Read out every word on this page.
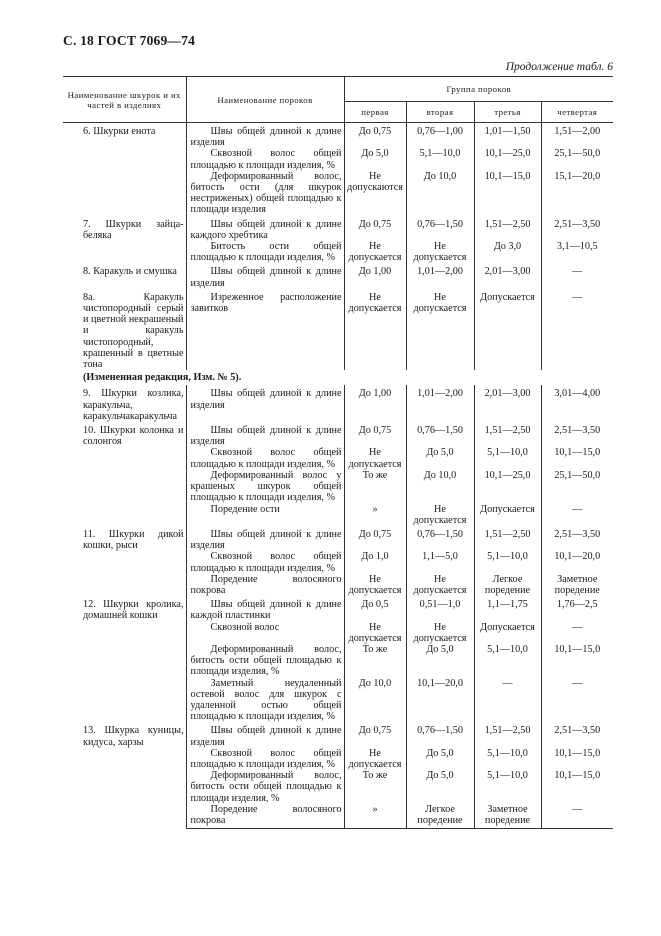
С. 18 ГОСТ 7069—74
Продолжение табл. 6
Наименование шкурок и их частей в изделиях	Наименование пороков	Группа пороков			
		первая	вторая	третья	четвертая
6. Шкурки енота	Швы общей длиной к длине изделия	До 0,75	0,76—1,00	1,01—1,50	1,51—2,00
	Сквозной волос общей площадью к площади изделия, %	До 5,0	5,1—10,0	10,1—25,0	25,1—50,0
	Деформированный волос, битость ости (для шкурок нестриженых) общей площадью к площади изделия	Не допускаются	До 10,0	10,1—15,0	15,1—20,0
7. Шкурки зайца-беляка	Швы общей длиной к длине каждого хребтика	До 0,75	0,76—1,50	1,51—2,50	2,51—3,50
	Битость ости общей площадью к площади изделия, %	Не допускается	Не допускается	До 3,0	3,1—10,5
8. Каракуль и смушка	Швы общей длиной к длине изделия	До 1,00	1,01—2,00	2,01—3,00	—
8а. Каракуль чистопородный серый и цветной некрашеный и каракуль чистопородный, крашенный в цветные тона	Изреженное расположение завитков	Не допускается	Не допускается	Допускается	—
(Измененная редакция, Изм. № 5).					
9. Шкурки козлика, каракульча, каракульчакаракульча	Швы общей длиной к длине изделия	До 1,00	1,01—2,00	2,01—3,00	3,01—4,00
10. Шкурки колонка и солонгоя	Швы общей длиной к длине изделия	До 0,75	0,76—1,50	1,51—2,50	2,51—3,50
	Сквозной волос общей площадью к площади изделия, %	Не допускается	До 5,0	5,1—10,0	10,1—15,0
	Деформированный волос у крашеных шкурок общей площадью к площади изделия, %	То же	До 10,0	10,1—25,0	25,1—50,0
	Поредение ости	»	Не допускается	Допускается	—
11. Шкурки дикой кошки, рыси	Швы общей длиной к длине изделия	До 0,75	0,76—1,50	1,51—2,50	2,51—3,50
	Сквозной волос общей площадью к площади изделия, %	До 1,0	1,1—5,0	5,1—10,0	10,1—20,0
	Поредение волосяного покрова	Не допускается	Не допускается	Легкое поредение	Заметное поредение
12. Шкурки кролика, домашней кошки	Швы общей длиной к длине каждой пластинки	До 0,5	0,51—1,0	1,1—1,75	1,76—2,5
	Сквозной волос	Не допускается	Не допускается	Допускается	—
	Деформированный волос, битость ости общей площадью к площади изделия, %	То же	До 5,0	5,1—10,0	10,1—15,0
	Заметный неудаленный остевой волос для шкурок с удаленной остью общей площадью к площади изделия, %	До 10,0	10,1—20,0	—	—
13. Шкурка куницы, кидуса, харзы	Швы общей длиной к длине изделия	До 0,75	0,76—1,50	1,51—2,50	2,51—3,50
	Сквозной волос общей площадью к площади изделия, %	Не допускается	До 5,0	5,1—10,0	10,1—15,0
	Деформированный волос, битость ости общей площадью к площади изделия, %	То же	До 5,0	5,1—10,0	10,1—15,0
	Поредение волосяного покрова	»	Легкое поредение	Заметное поредение	—
